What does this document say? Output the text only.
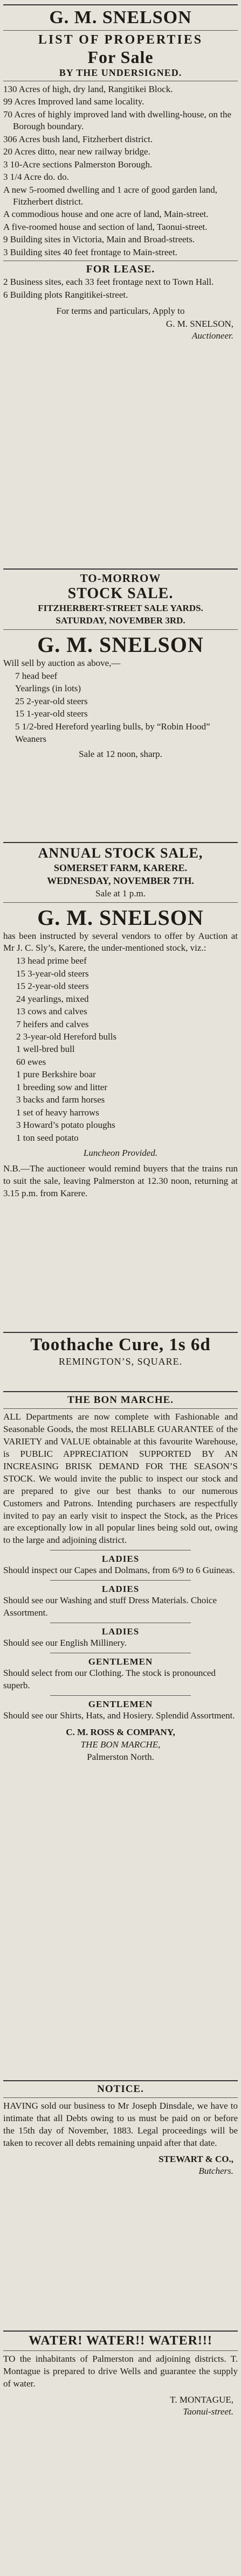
G. M. SNELSON
LIST OF PROPERTIES
For Sale
BY THE UNDERSIGNED.

130 Acres of high, dry land, Rangitikei Block.

99 Acres Improved land same locality.

70 Acres of highly improved land with dwelling-house, on the Borough boundary.

306 Acres bush land, Fitzherbert district.

20 Acres ditto, near new railway bridge.

3 10-Acre sections Palmerston Borough.

3 1/4 Acre do. do.

A new 5-roomed dwelling and 1 acre of good garden land, Fitzherbert district.

A commodious house and one acre of land, Main-street.

A five-roomed house and section of land, Taonui-street.

9 Building sites in Victoria, Main and Broad-streets.

3 Building sites 40 feet frontage to Main-street.

FOR LEASE.

2 Business sites, each 33 feet frontage next to Town Hall.

6 Building plots Rangitikei-street.

For terms and particulars, Apply to
G. M. SNELSON,
Auctioneer.
TO-MORROW
STOCK SALE.
FITZHERBERT-STREET SALE YARDS.
SATURDAY, NOVEMBER 3RD.
G. M. SNELSON
Will sell by auction as above,—

7 head beef

Yearlings (in lots)

25 2-year-old steers

15 1-year-old steers

5 1/2-bred Hereford yearling bulls, by “Robin Hood”

Weaners

Sale at 12 noon, sharp.
ANNUAL STOCK SALE,
SOMERSET FARM, KARERE.
WEDNESDAY, NOVEMBER 7TH.
Sale at 1 p.m.
G. M. SNELSON
has been instructed by several vendors to offer by Auction at Mr J. C. Sly’s, Karere, the under-mentioned stock, viz.:

13 head prime beef

15 3-year-old steers

15 2-year-old steers

24 yearlings, mixed

13 cows and calves

7 heifers and calves

2 3-year-old Hereford bulls

1 well-bred bull

60 ewes

1 pure Berkshire boar

1 breeding sow and litter

3 backs and farm horses

1 set of heavy harrows

3 Howard’s potato ploughs

1 ton seed potato

Luncheon Provided.
N.B.—The auctioneer would remind buyers that the trains run to suit the sale, leaving Palmerston at 12.30 noon, returning at 3.15 p.m. from Karere.
Toothache Cure, 1s 6d
REMINGTON’S, SQUARE.
THE BON MARCHE.
ALL Departments are now complete with Fashionable and Seasonable Goods, the most RELIABLE GUARANTEE of the VARIETY and VALUE obtainable at this favourite Warehouse, is PUBLIC APPRECIATION SUPPORTED BY AN INCREASING BRISK DEMAND FOR THE SEASON’S STOCK. We would invite the public to inspect our stock and are prepared to give our best thanks to our numerous Customers and Patrons. Intending purchasers are respectfully invited to pay an early visit to inspect the Stock, as the Prices are exceptionally low in all popular lines being sold out, owing to the large and adjoining district.
LADIES
Should inspect our Capes and Dolmans, from 6/9 to 6 Guineas.
LADIES
Should see our Washing and stuff Dress Materials. Choice Assortment.
LADIES
Should see our English Millinery.
GENTLEMEN
Should select from our Clothing. The stock is pronounced superb.
GENTLEMEN
Should see our Shirts, Hats, and Hosiery. Splendid Assortment.
C. M. ROSS & COMPANY,
THE BON MARCHE,
Palmerston North.
NOTICE.
HAVING sold our business to Mr Joseph Dinsdale, we have to intimate that all Debts owing to us must be paid on or before the 15th day of November, 1883. Legal proceedings will be taken to recover all debts remaining unpaid after that date.
STEWART & CO.,
Butchers.
WATER! WATER!! WATER!!!
TO the inhabitants of Palmerston and adjoining districts. T. Montague is prepared to drive Wells and guarantee the supply of water.
T. MONTAGUE,
Taonui-street.
